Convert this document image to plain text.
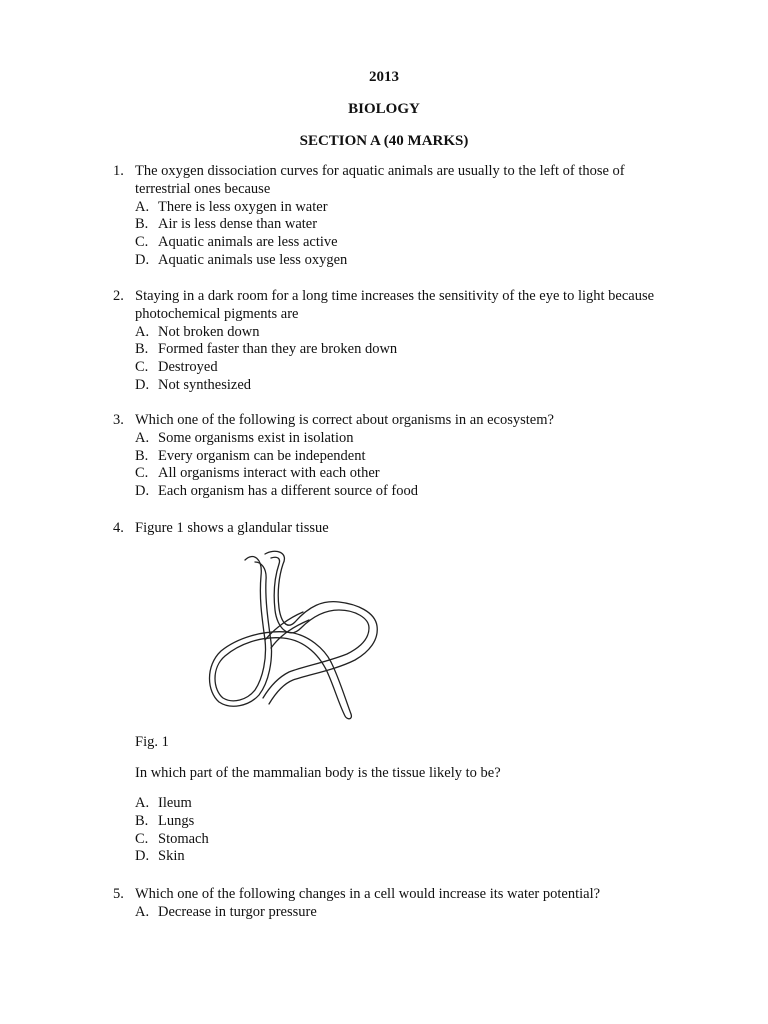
2013
BIOLOGY
SECTION A (40 MARKS)
1. The oxygen dissociation curves for aquatic animals are usually to the left of those of terrestrial ones because
A. There is less oxygen in water
B. Air is less dense than water
C. Aquatic animals are less active
D. Aquatic animals use less oxygen
2. Staying in a dark room for a long time increases the sensitivity of the eye to light because photochemical pigments are
A. Not broken down
B. Formed faster than they are broken down
C. Destroyed
D. Not synthesized
3. Which one of the following is correct about organisms in an ecosystem?
A. Some organisms exist in isolation
B. Every organism can be independent
C. All organisms interact with each other
D. Each organism has a different source of food
4. Figure 1 shows a glandular tissue
Fig. 1
In which part of the mammalian body is the tissue likely to be?
A. Ileum
B. Lungs
C. Stomach
D. Skin
5. Which one of the following changes in a cell would increase its water potential?
A. Decrease in turgor pressure
